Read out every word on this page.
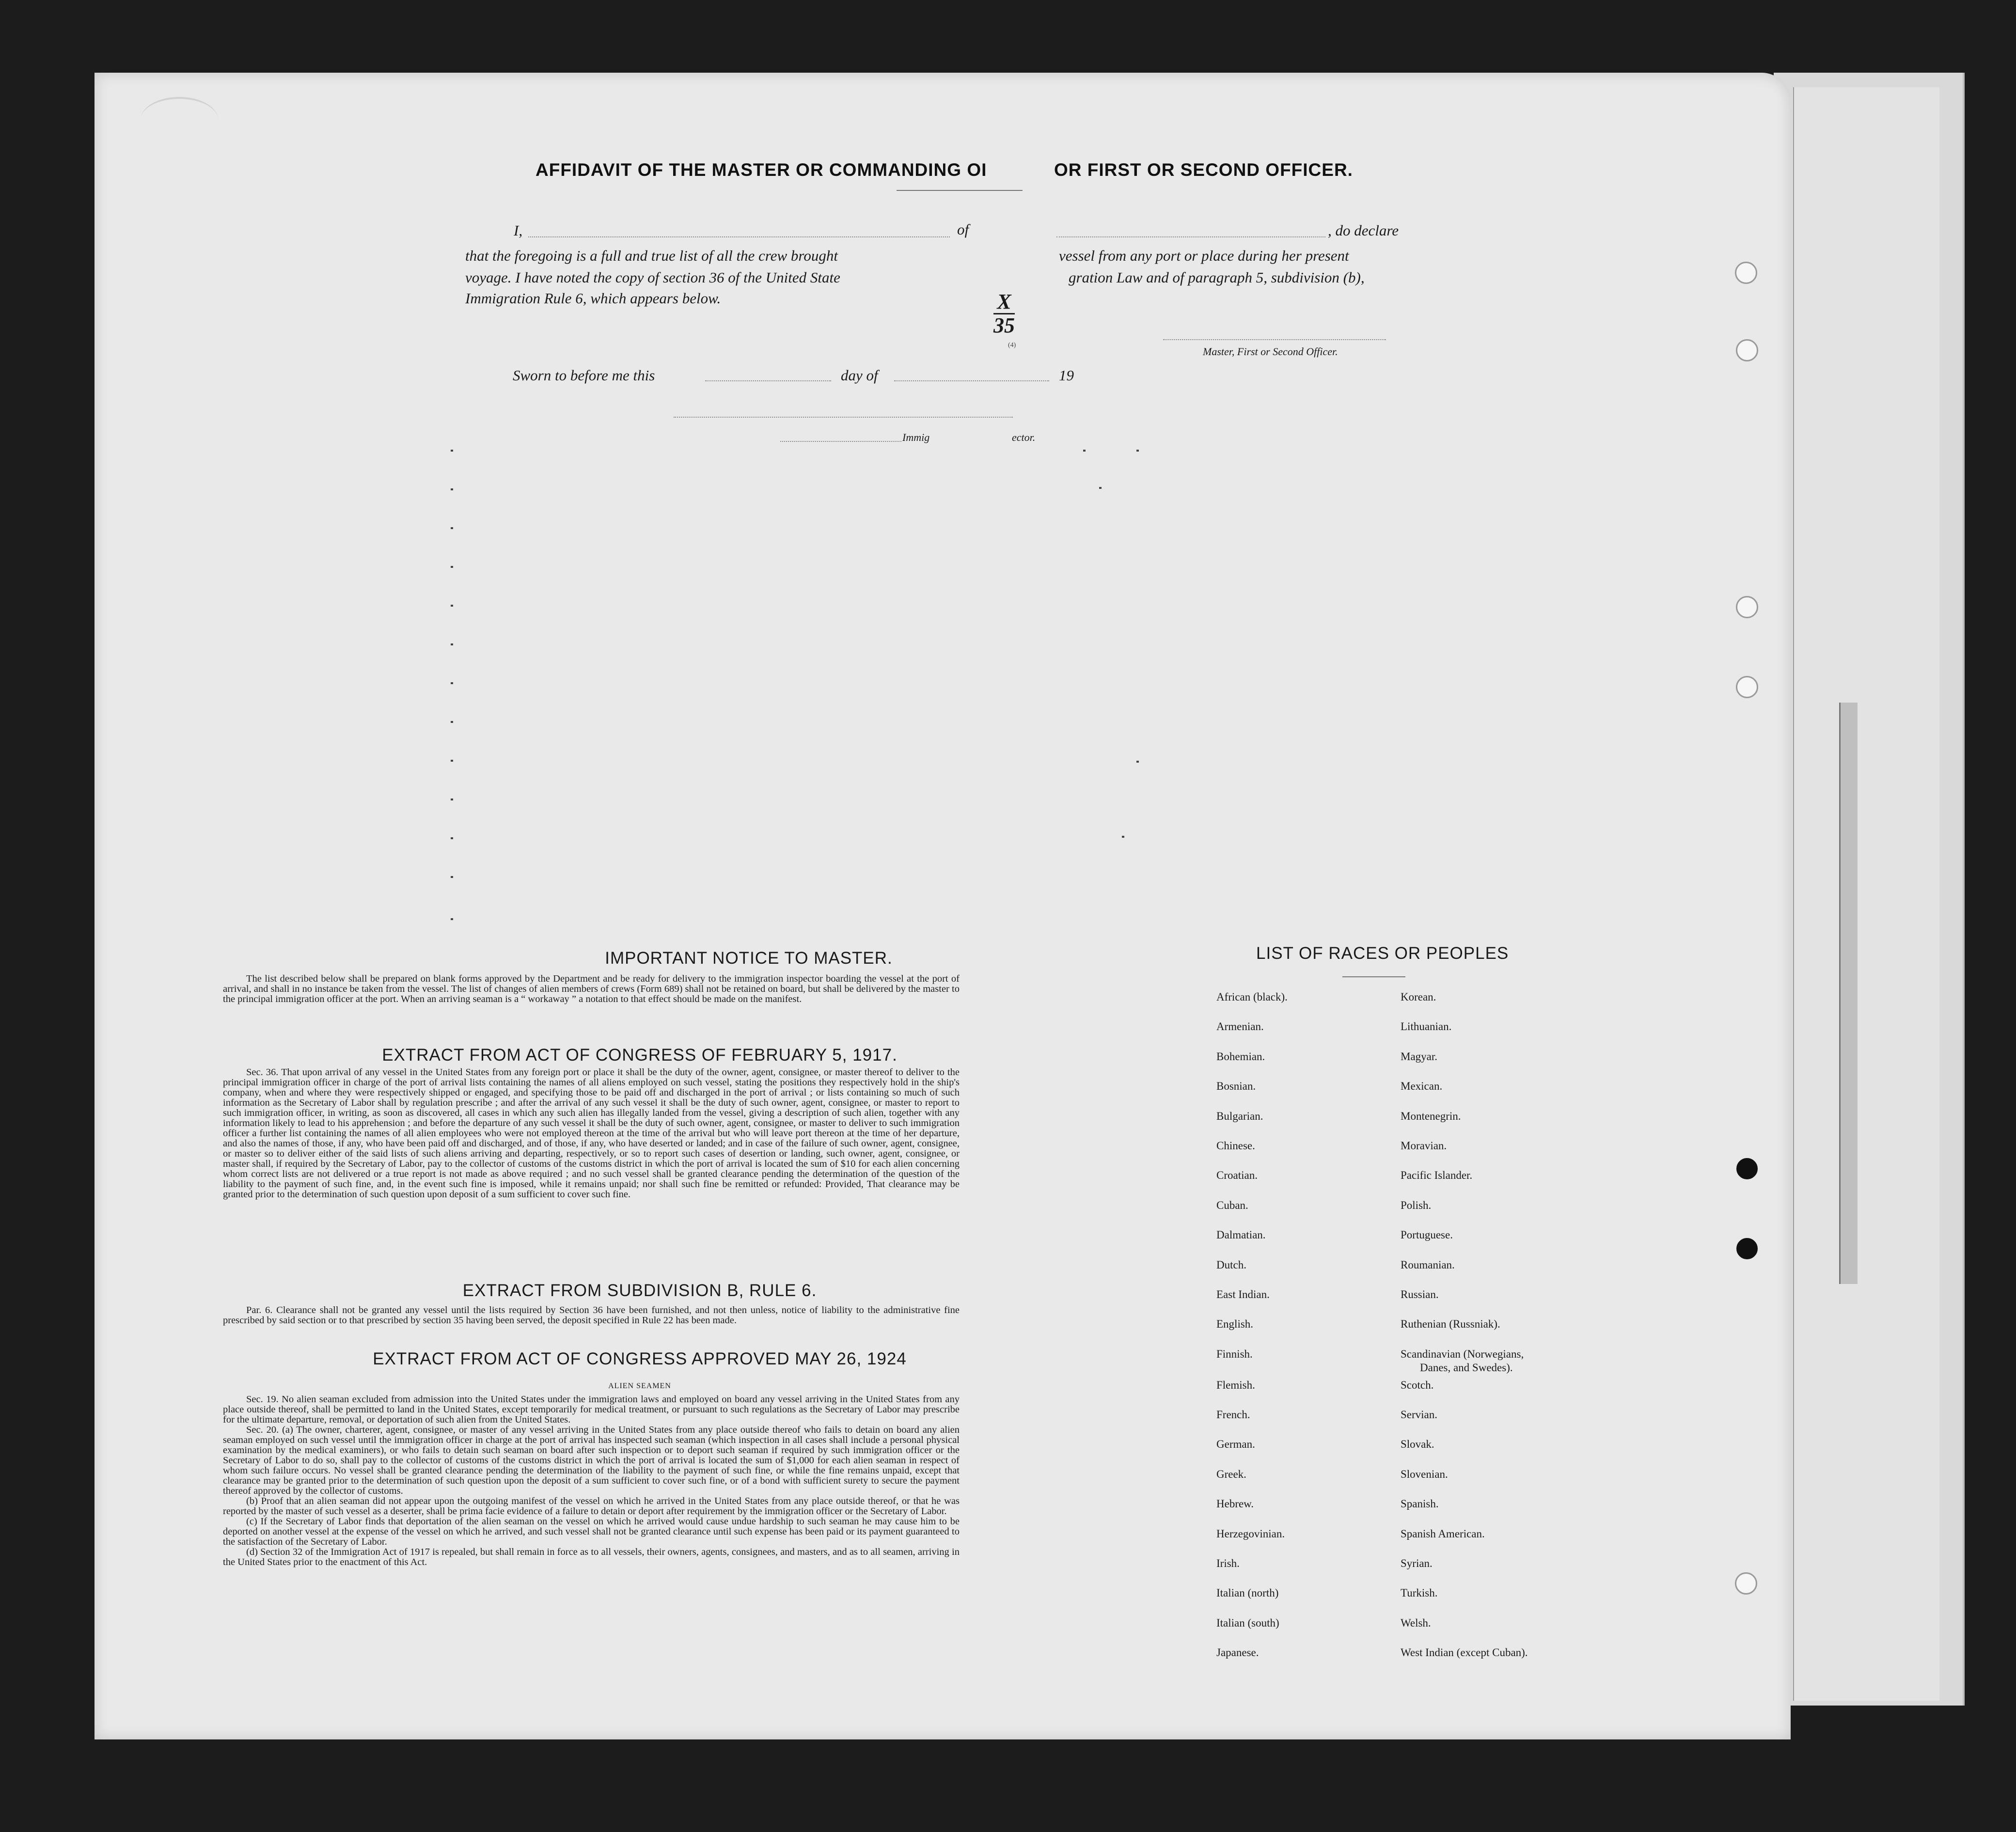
AFFIDAVIT OF THE MASTER OR COMMANDING OI	OR FIRST OR SECOND OFFICER.
I,	of	, do declare
that the foregoing is a full and true list of all the crew brought	vessel from any port or place during her present
voyage. I have noted the copy of section 36 of the United State	gration Law and of paragraph 5, subdivision (b),
Immigration Rule 6, which appears below.	$\frac{X}{35}$
(4)
Master, First or Second Officer.
Sworn to before me this	day of	19
Immig	ector.
IMPORTANT NOTICE TO MASTER.

The list described below shall be prepared on blank forms approved by the Department and be ready for delivery to the immigration inspector boarding the vessel at the port of arrival, and shall in no instance be taken from the vessel. The list of changes of alien members of crews (Form 689) shall not be retained on board, but shall be delivered by the master to the principal immigration officer at the port. When an arriving seaman is a “ workaway ” a notation to that effect should be made on the manifest.

EXTRACT FROM ACT OF CONGRESS OF FEBRUARY 5, 1917.

Sec. 36. That upon arrival of any vessel in the United States from any foreign port or place it shall be the duty of the owner, agent, consignee, or master thereof to deliver to the principal immigration officer in charge of the port of arrival lists containing the names of all aliens employed on such vessel, stating the positions they respectively hold in the ship's company, when and where they were respectively shipped or engaged, and specifying those to be paid off and discharged in the port of arrival ; or lists containing so much of such information as the Secretary of Labor shall by regulation prescribe ; and after the arrival of any such vessel it shall be the duty of such owner, agent, consignee, or master to report to such immigration officer, in writing, as soon as discovered, all cases in which any such alien has illegally landed from the vessel, giving a description of such alien, together with any information likely to lead to his apprehension ; and before the departure of any such vessel it shall be the duty of such owner, agent, consignee, or master to deliver to such immigration officer a further list containing the names of all alien employees who were not employed thereon at the time of the arrival but who will leave port thereon at the time of her departure, and also the names of those, if any, who have been paid off and discharged, and of those, if any, who have deserted or landed; and in case of the failure of such owner, agent, consignee, or master so to deliver either of the said lists of such aliens arriving and departing, respectively, or so to report such cases of desertion or landing, such owner, agent, consignee, or master shall, if required by the Secretary of Labor, pay to the collector of customs of the customs district in which the port of arrival is located the sum of $10 for each alien concerning whom correct lists are not delivered or a true report is not made as above required ; and no such vessel shall be granted clearance pending the determination of the question of the liability to the payment of such fine, and, in the event such fine is imposed, while it remains unpaid; nor shall such fine be remitted or refunded: Provided, That clearance may be granted prior to the determination of such question upon deposit of a sum sufficient to cover such fine.

EXTRACT FROM SUBDIVISION B, RULE 6.

Par. 6. Clearance shall not be granted any vessel until the lists required by Section 36 have been furnished, and not then unless, notice of liability to the administrative fine prescribed by said section or to that prescribed by section 35 having been served, the deposit specified in Rule 22 has been made.

EXTRACT FROM ACT OF CONGRESS APPROVED MAY 26, 1924
ALIEN SEAMEN

Sec. 19. No alien seaman excluded from admission into the United States under the immigration laws and employed on board any vessel arriving in the United States from any place outside thereof, shall be permitted to land in the United States, except temporarily for medical treatment, or pursuant to such regulations as the Secretary of Labor may prescribe for the ultimate departure, removal, or deportation of such alien from the United States.

Sec. 20. (a) The owner, charterer, agent, consignee, or master of any vessel arriving in the United States from any place outside thereof who fails to detain on board any alien seaman employed on such vessel until the immigration officer in charge at the port of arrival has inspected such seaman (which inspection in all cases shall include a personal physical examination by the medical examiners), or who fails to detain such seaman on board after such inspection or to deport such seaman if required by such immigration officer or the Secretary of Labor to do so, shall pay to the collector of customs of the customs district in which the port of arrival is located the sum of $1,000 for each alien seaman in respect of whom such failure occurs. No vessel shall be granted clearance pending the determination of the liability to the payment of such fine, or while the fine remains unpaid, except that clearance may be granted prior to the determination of such question upon the deposit of a sum sufficient to cover such fine, or of a bond with sufficient surety to secure the payment thereof approved by the collector of customs.

(b) Proof that an alien seaman did not appear upon the outgoing manifest of the vessel on which he arrived in the United States from any place outside thereof, or that he was reported by the master of such vessel as a deserter, shall be prima facie evidence of a failure to detain or deport after requirement by the immigration officer or the Secretary of Labor.

(c) If the Secretary of Labor finds that deportation of the alien seaman on the vessel on which he arrived would cause undue hardship to such seaman he may cause him to be deported on another vessel at the expense of the vessel on which he arrived, and such vessel shall not be granted clearance until such expense has been paid or its payment guaranteed to the satisfaction of the Secretary of Labor.

(d) Section 32 of the Immigration Act of 1917 is repealed, but shall remain in force as to all vessels, their owners, agents, consignees, and masters, and as to all seamen, arriving in the United States prior to the enactment of this Act.

LIST OF RACES OR PEOPLES
African (black).	Korean.
Armenian.	Lithuanian.
Bohemian.	Magyar.
Bosnian.	Mexican.
Bulgarian.	Montenegrin.
Chinese.	Moravian.
Croatian.	Pacific Islander.
Cuban.	Polish.
Dalmatian.	Portuguese.
Dutch.	Roumanian.
East Indian.	Russian.
English.	Ruthenian (Russniak).
Finnish.	Scandinavian (Norwegians,
Danes, and Swedes).
Flemish.	Scotch.
French.	Servian.
German.	Slovak.
Greek.	Slovenian.
Hebrew.	Spanish.
Herzegovinian.	Spanish American.
Irish.	Syrian.
Italian (north)	Turkish.
Italian (south)	Welsh.
Japanese.	West Indian (except Cuban).
